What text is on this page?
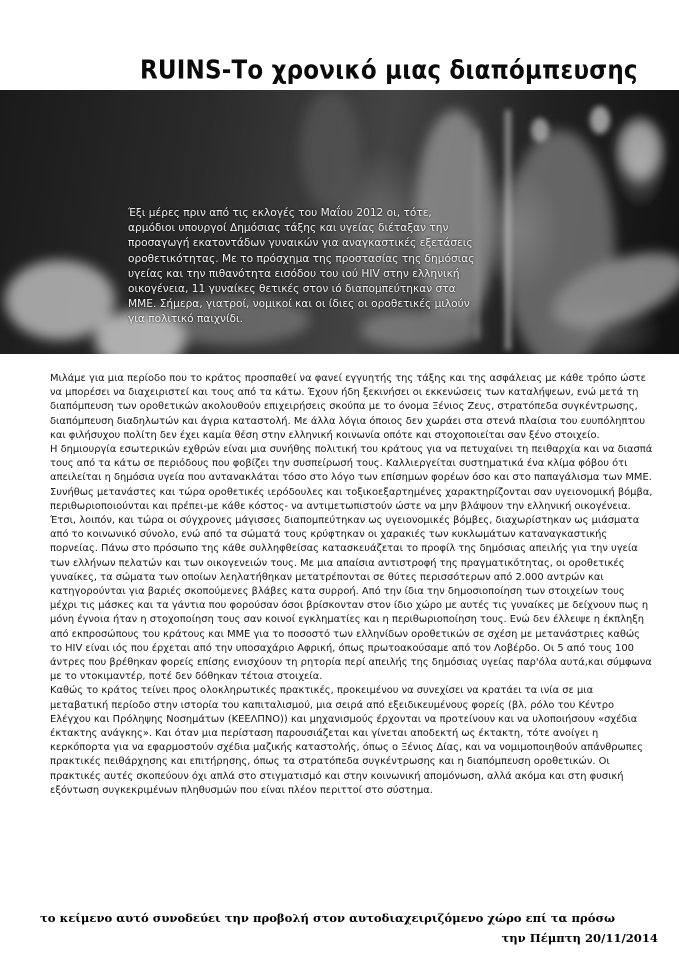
RUINS-Το χρονικό μιας διαπόμπευσης
Έξι μέρες πριν από τις εκλογές του Μαΐου 2012 οι, τότε, αρμόδιοι υπουργοί Δημόσιας τάξης και υγείας διέταξαν την προσαγωγή εκατοντάδων γυναικών για αναγκαστικές εξετάσεις οροθετικότητας. Με το πρόσχημα της προστασίας της δημόσιας υγείας και την πιθανότητα εισόδου του ιού HIV στην ελληνική οικογένεια, 11 γυναίκες θετικές στον ιό διαπομπεύτηκαν στα ΜΜΕ. Σήμερα, γιατροί, νομικοί και οι ίδιες οι οροθετικές μιλούν για πολιτικό παιχνίδι.

Μιλάμε για μια περίοδο που το κράτος προσπαθεί να φανεί εγγυητής της τάξης και της ασφάλειας με κάθε τρόπο ώστε να μπορέσει να διαχειριστεί και τους από τα κάτω. Έχουν ήδη ξεκινήσει οι εκκενώσεις των καταλήψεων, ενώ μετά τη διαπόμπευση των οροθετικών ακολουθούν επιχειρήσεις σκούπα με το όνομα Ξένιος Ζευς, στρατόπεδα συγκέντρωσης, διαπόμπευση διαδηλωτών και άγρια καταστολή. Με άλλα λόγια όποιος δεν χωράει στα στενά πλαίσια του ευυπόληπτου και φιλήσυχου πολίτη δεν έχει καμία θέση στην ελληνική κοινωνία οπότε και στοχοποιείται σαν ξένο στοιχείο.

Η δημιουργία εσωτερικών εχθρών είναι μια συνήθης πολιτική του κράτους για να πετυχαίνει τη πειθαρχία και να διασπά τους από τα κάτω σε περιόδους που φοβίζει την συσπείρωσή τους. Καλλιεργείται συστηματικά ένα κλίμα φόβου ότι απειλείται η δημόσια υγεία που αντανακλάται τόσο στο λόγο των επίσημων φορέων όσο και στο παπαγάλισμα των ΜΜΕ. Συνήθως μετανάστες και τώρα οροθετικές ιερόδουλες και τοξικοεξαρτημένες χαρακτηρίζονται σαν υγειονομική βόμβα, περιθωριοποιούνται και πρέπει-με κάθε κόστος- να αντιμετωπιστούν ώστε να μην βλάψουν την ελληνική οικογένεια.

Έτσι, λοιπόν, και τώρα οι σύγχρονες μάγισσες διαπομπεύτηκαν ως υγειονομικές βόμβες, διαχωρίστηκαν ως μιάσματα από το κοινωνικό σύνολο, ενώ από τα σώματά τους κρύφτηκαν οι χαρακιές των κυκλωμάτων καταναγκαστικής πορνείας. Πάνω στο πρόσωπο της κάθε συλληφθείσας κατασκευάζεται το προφίλ της δημόσιας απειλής για την υγεία των ελλήνων πελατών και των οικογενειών τους. Με μια απαίσια αντιστροφή της πραγματικότητας, οι οροθετικές γυναίκες, τα σώματα των οποίων λεηλατήθηκαν μετατρέπονται σε θύτες περισσότερων από 2.000 αντρών και κατηγορούνται για βαριές σκοπούμενες βλάβες κατα συρροή. Από την ίδια την δημοσιοποίηση των στοιχείων τους μέχρι τις μάσκες και τα γάντια που φορούσαν όσοι βρίσκονταν στον ίδιο χώρο με αυτές τις γυναίκες με δείχνουν πως η μόνη έγνοια ήταν η στοχοποίηση τους σαν κοινοί εγκληματίες και η περιθωριοποίηση τους. Ενώ δεν έλλειψε η έκπληξη από εκπροσώπους του κράτους και ΜΜΕ για το ποσοστό των ελληνίδων οροθετικών σε σχέση με μετανάστριες καθώς το HIV είναι ιός που έρχεται από την υποσαχάριο Αφρική, όπως πρωτοακούσαμε από τον Λοβέρδο. Οι 5 από τους 100 άντρες που βρέθηκαν φορείς επίσης ενισχύουν τη ρητορία περί απειλής της δημόσιας υγείας παρ'όλα αυτά,και σύμφωνα με το ντοκιμαντέρ, ποτέ δεν δόθηκαν τέτοια στοιχεία.

Καθώς το κράτος τείνει προς ολοκληρωτικές πρακτικές, προκειμένου να συνεχίσει να κρατάει τα ινία σε μια μεταβατική περίοδο στην ιστορία του καπιταλισμού, μια σειρά από εξειδικευμένους φορείς (βλ. ρόλο του Κέντρο Ελέγχου και Πρόληψης Νοσημάτων (ΚΕΕΛΠΝΟ)) και μηχανισμούς έρχονται να προτείνουν και να υλοποιήσουν «σχέδια έκτακτης ανάγκης». Και όταν μια περίσταση παρουσιάζεται και γίνεται αποδεκτή ως έκτακτη, τότε ανοίγει η κερκόπορτα για να εφαρμοστούν σχέδια μαζικής καταστολής, όπως ο Ξένιος Δίας, και να νομιμοποιηθούν απάνθρωπες πρακτικές πειθάρχησης και επιτήρησης, όπως τα στρατόπεδα συγκέντρωσης και η διαπόμπευση οροθετικών. Οι πρακτικές αυτές σκοπεύουν όχι απλά στο στιγματισμό και στην κοινωνική απομόνωση, αλλά ακόμα και στη φυσική εξόντωση συγκεκριμένων πληθυσμών που είναι πλέον περιττοί στο σύστημα.

το κείμενο αυτό συνοδεύει την προβολή στον αυτοδιαχειριζόμενο χώρο επί τα πρόσω
την Πέμπτη 20/11/2014
